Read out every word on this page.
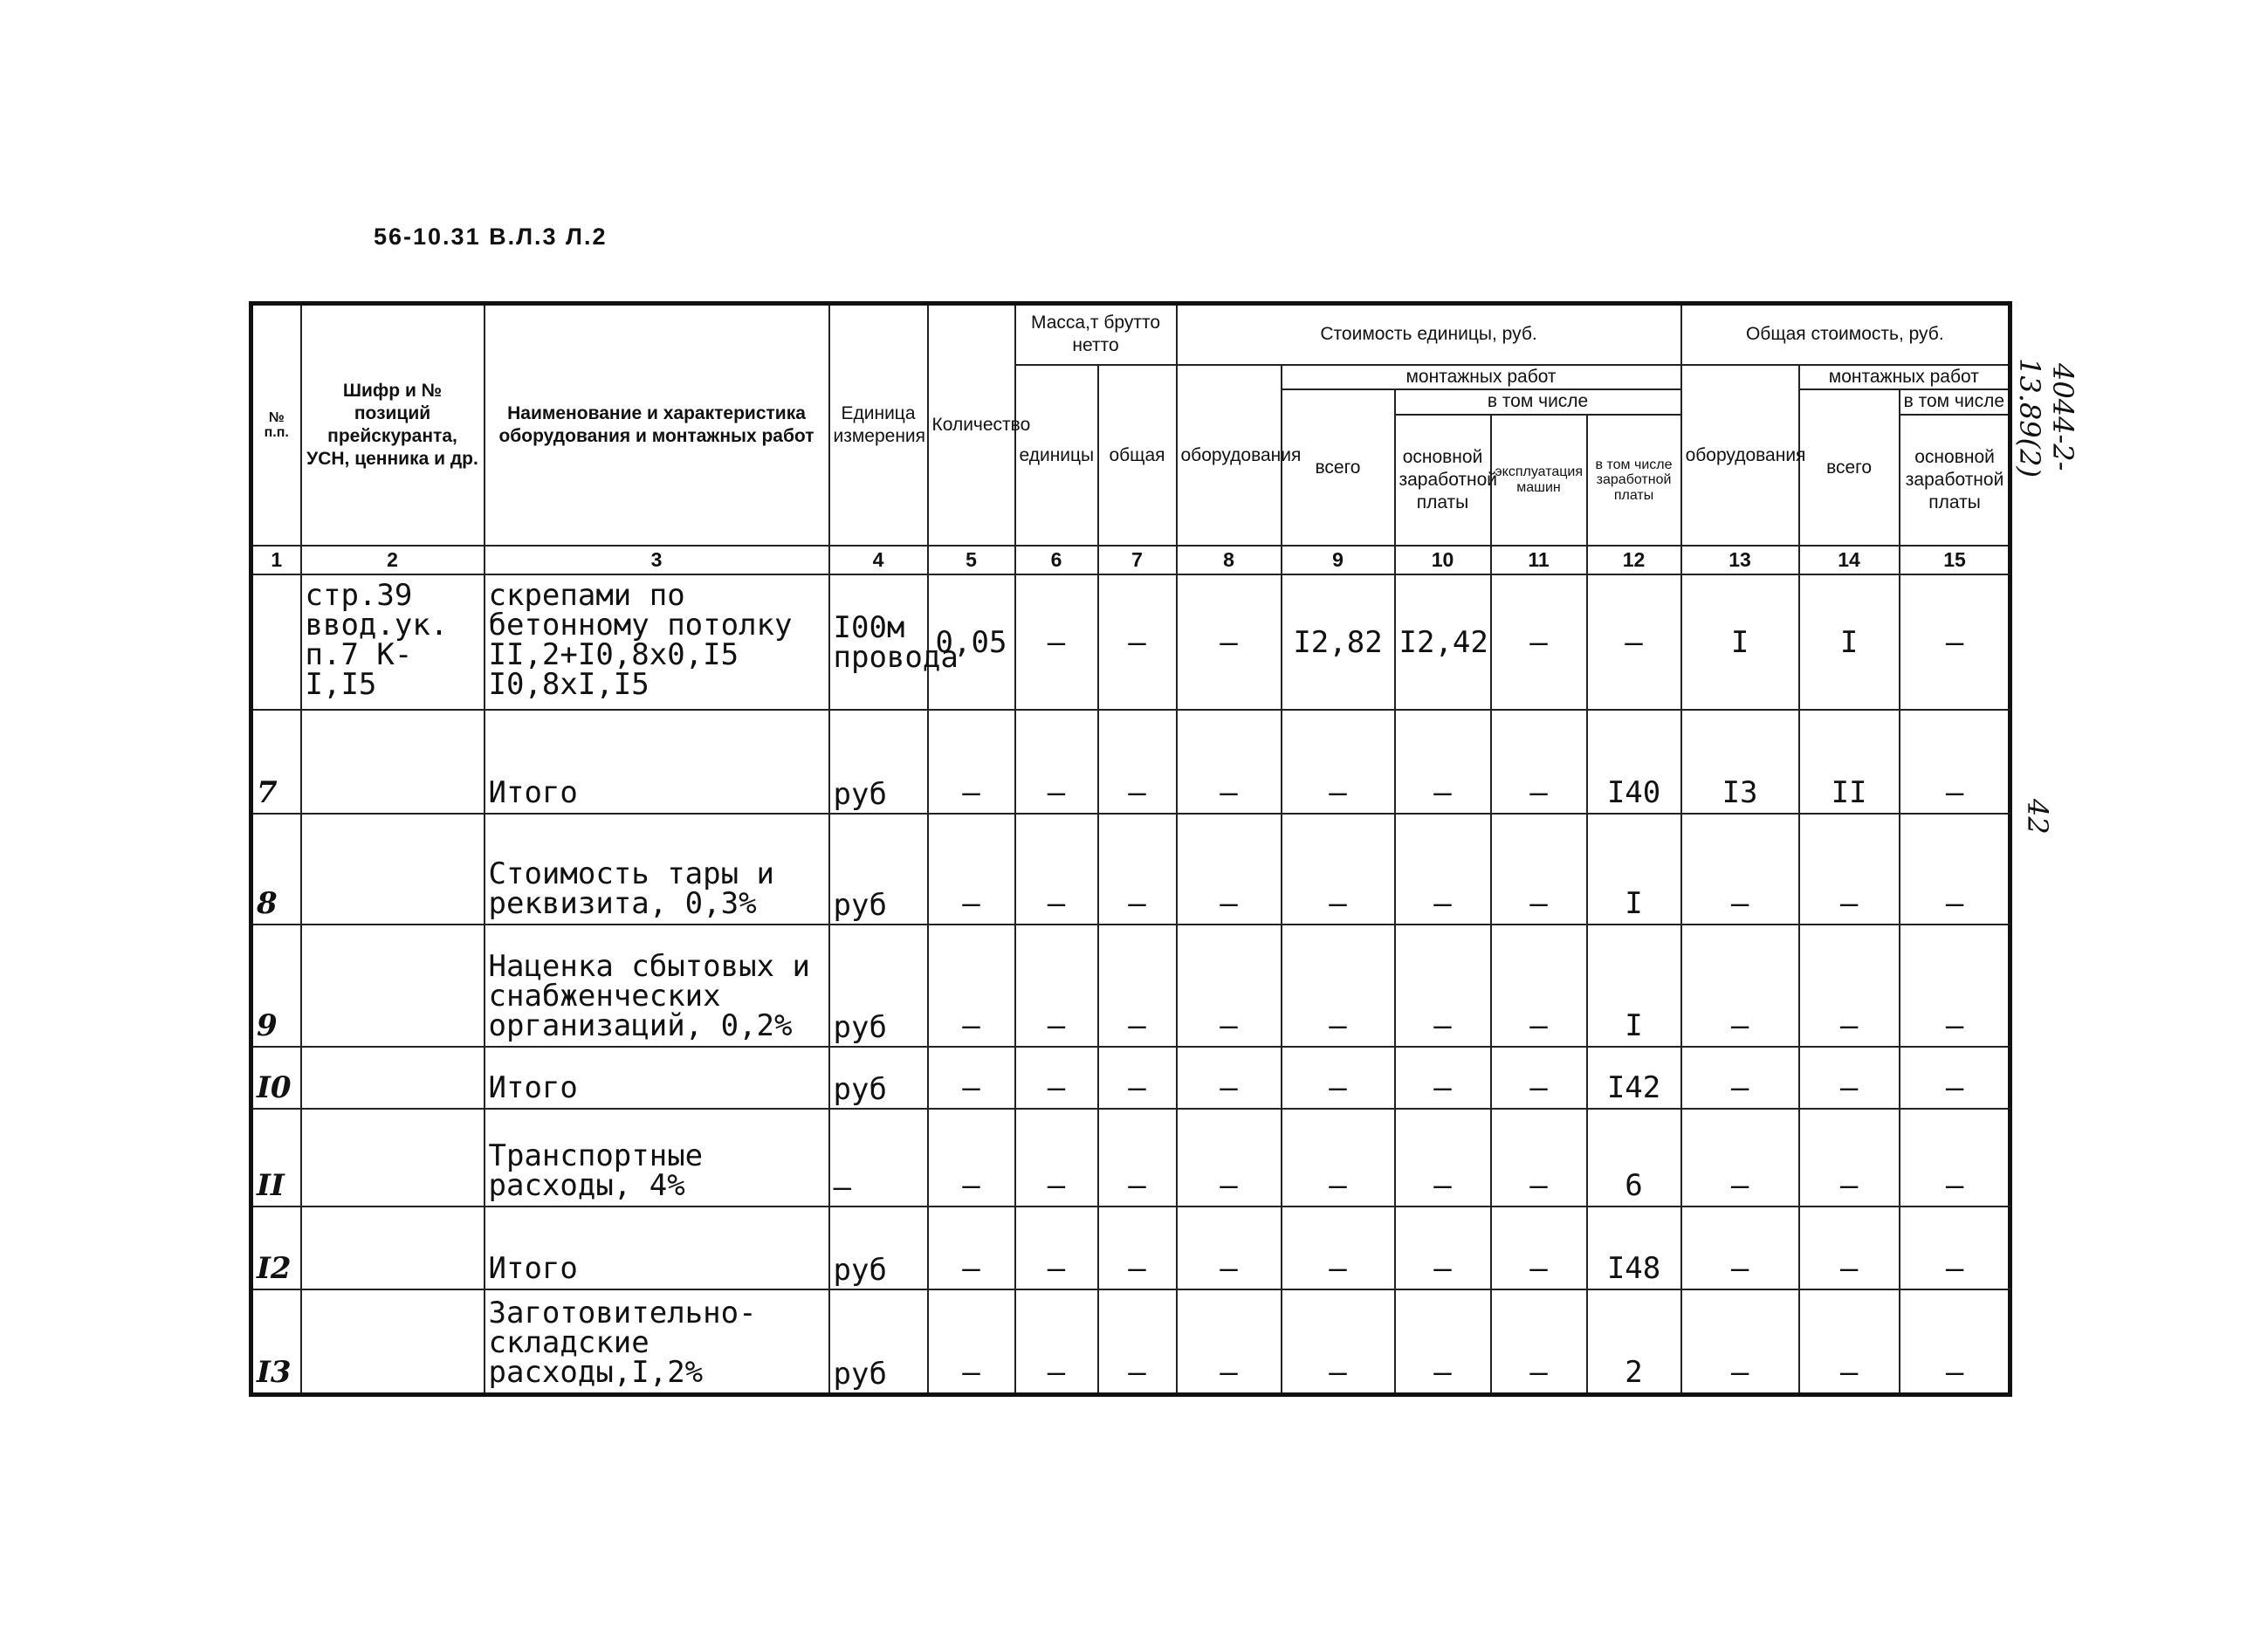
56-10.31 В.Л.3 Л.2
4044-2-13.89(2)
42
№ п.п.	Шифр и № позиций прейскуранта, УСН, ценника и др.	Наименование и характеристика оборудования и монтажных работ	Единица измерения	Количество	Масса,т брутто нетто		Стоимость единицы, руб.					Общая стоимость, руб.			
					единицы	общая	оборудования	монтажных работ				оборудования	монтажных работ		
								всего	в том числе				всего	в том числе	
									основной заработной платы	эксплуатация машин	в том числе заработной платы			основной заработной платы	
1	2	3	4	5	6	7	8	9	10	11	12	13	14	15	
	стр.39 ввод.ук. п.7 К-I,I5	скрепами по бетонному потолку II,2+I0,8х0,I5 I0,8хI,I5	I00м провода	0,05	–	–	–	I2,82	I2,42	–	–	I	I	–	
7		Итого	руб	–	–	–	–	–	–	–	I40	I3	II	–	
8		Стоимость тары и реквизита, 0,3%	руб	–	–	–	–	–	–	–	I	–	–	–	
9		Наценка сбытовых и снабженческих организаций, 0,2%	руб	–	–	–	–	–	–	–	I	–	–	–	
I0		Итого	руб	–	–	–	–	–	–	–	I42	–	–	–	
II		Транспортные расходы, 4%	–	–	–	–	–	–	–	–	6	–	–	–	
I2		Итого	руб	–	–	–	–	–	–	–	I48	–	–	–	
I3		Заготовительно-складские расходы,I,2%	руб	–	–	–	–	–	–	–	2	–	–	–	
